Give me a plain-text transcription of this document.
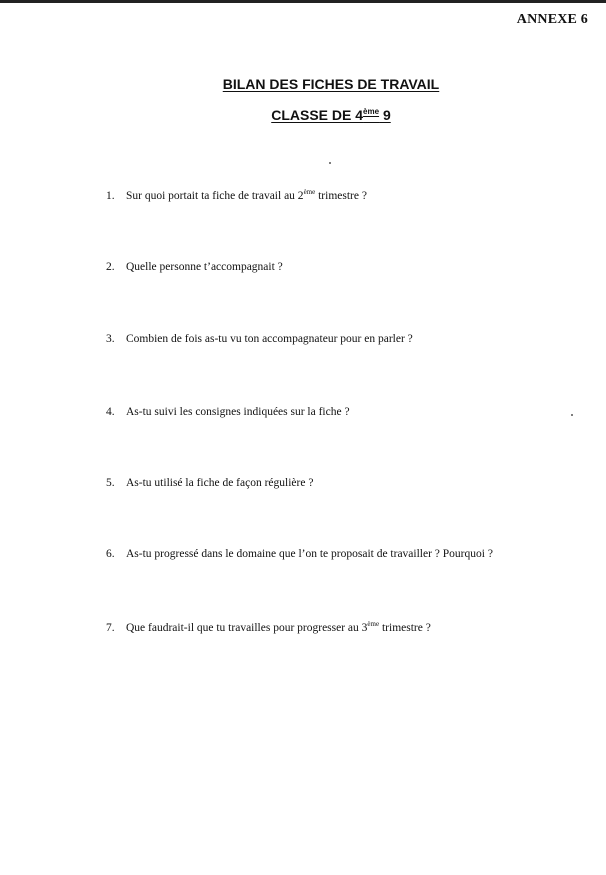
ANNEXE 6
BILAN DES FICHES DE TRAVAIL
CLASSE DE 4ème 9
1. Sur quoi portait ta fiche de travail au 2ème trimestre ?
2. Quelle personne t’accompagnait ?
3. Combien de fois as-tu vu ton accompagnateur pour en parler ?
4. As-tu suivi les consignes indiquées sur la fiche ?
5. As-tu utilisé la fiche de façon régulière ?
6. As-tu progressé dans le domaine que l’on te proposait de travailler ? Pourquoi ?
7. Que faudrait-il que tu travailles pour progresser au 3ème trimestre ?
